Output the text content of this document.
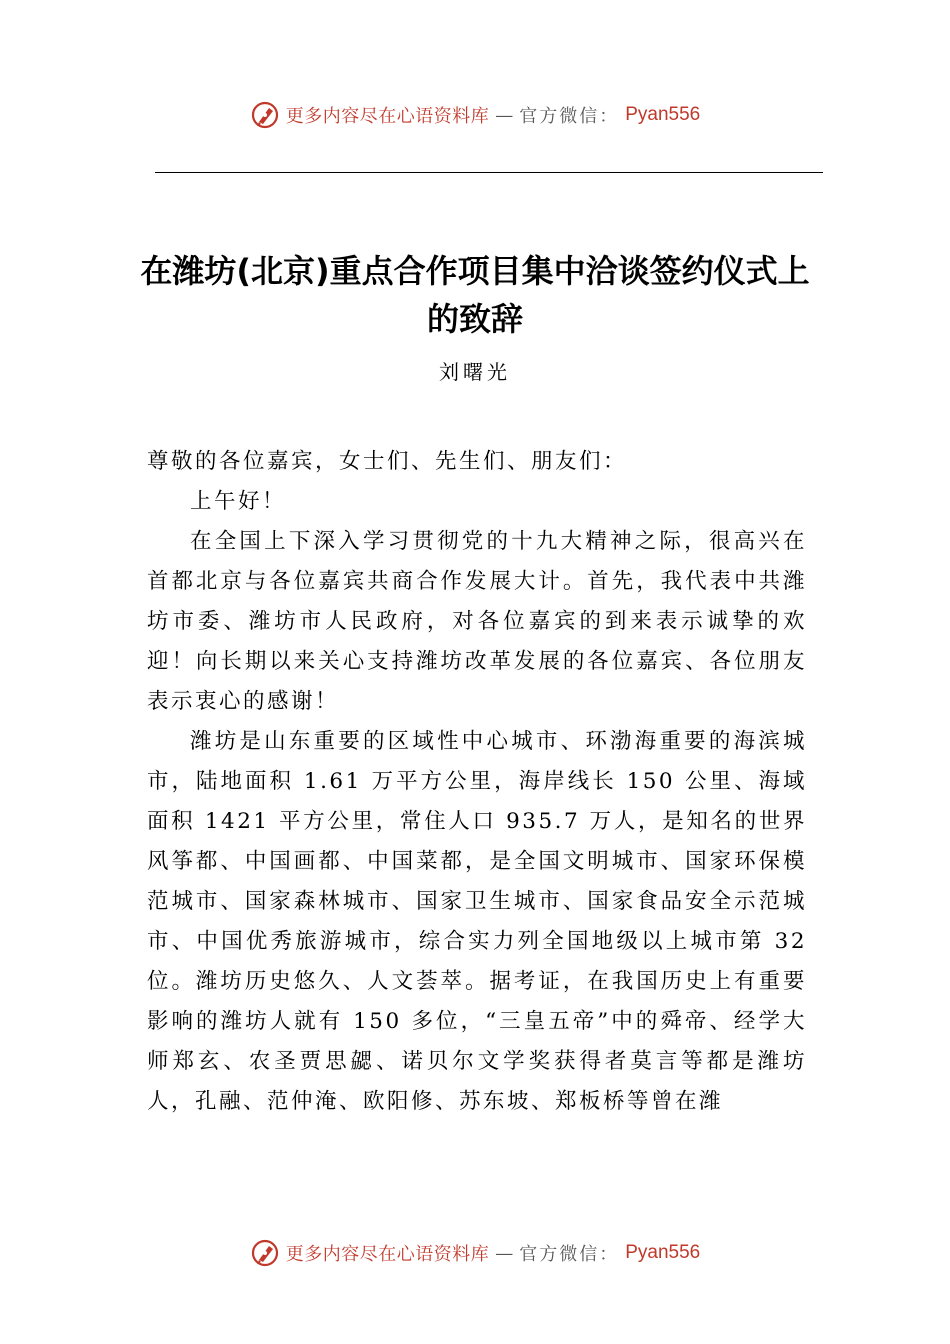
更多内容尽在心语资料库 — 官方微信： Pyan556
在潍坊(北京)重点合作项目集中洽谈签约仪式上的致辞
刘曙光

尊敬的各位嘉宾，女士们、先生们、朋友们：

上午好！

在全国上下深入学习贯彻党的十九大精神之际，很高兴在首都北京与各位嘉宾共商合作发展大计。首先，我代表中共潍坊市委、潍坊市人民政府，对各位嘉宾的到来表示诚挚的欢迎！向长期以来关心支持潍坊改革发展的各位嘉宾、各位朋友表示衷心的感谢！

潍坊是山东重要的区域性中心城市、环渤海重要的海滨城市，陆地面积 1.61 万平方公里，海岸线长 150 公里、海域面积 1421 平方公里，常住人口 935.7 万人，是知名的世界风筝都、中国画都、中国菜都，是全国文明城市、国家环保模范城市、国家森林城市、国家卫生城市、国家食品安全示范城市、中国优秀旅游城市，综合实力列全国地级以上城市第 32 位。潍坊历史悠久、人文荟萃。据考证，在我国历史上有重要影响的潍坊人就有 150 多位，“三皇五帝”中的舜帝、经学大师郑玄、农圣贾思勰、诺贝尔文学奖获得者莫言等都是潍坊人，孔融、范仲淹、欧阳修、苏东坡、郑板桥等曾在潍

更多内容尽在心语资料库 — 官方微信： Pyan556
